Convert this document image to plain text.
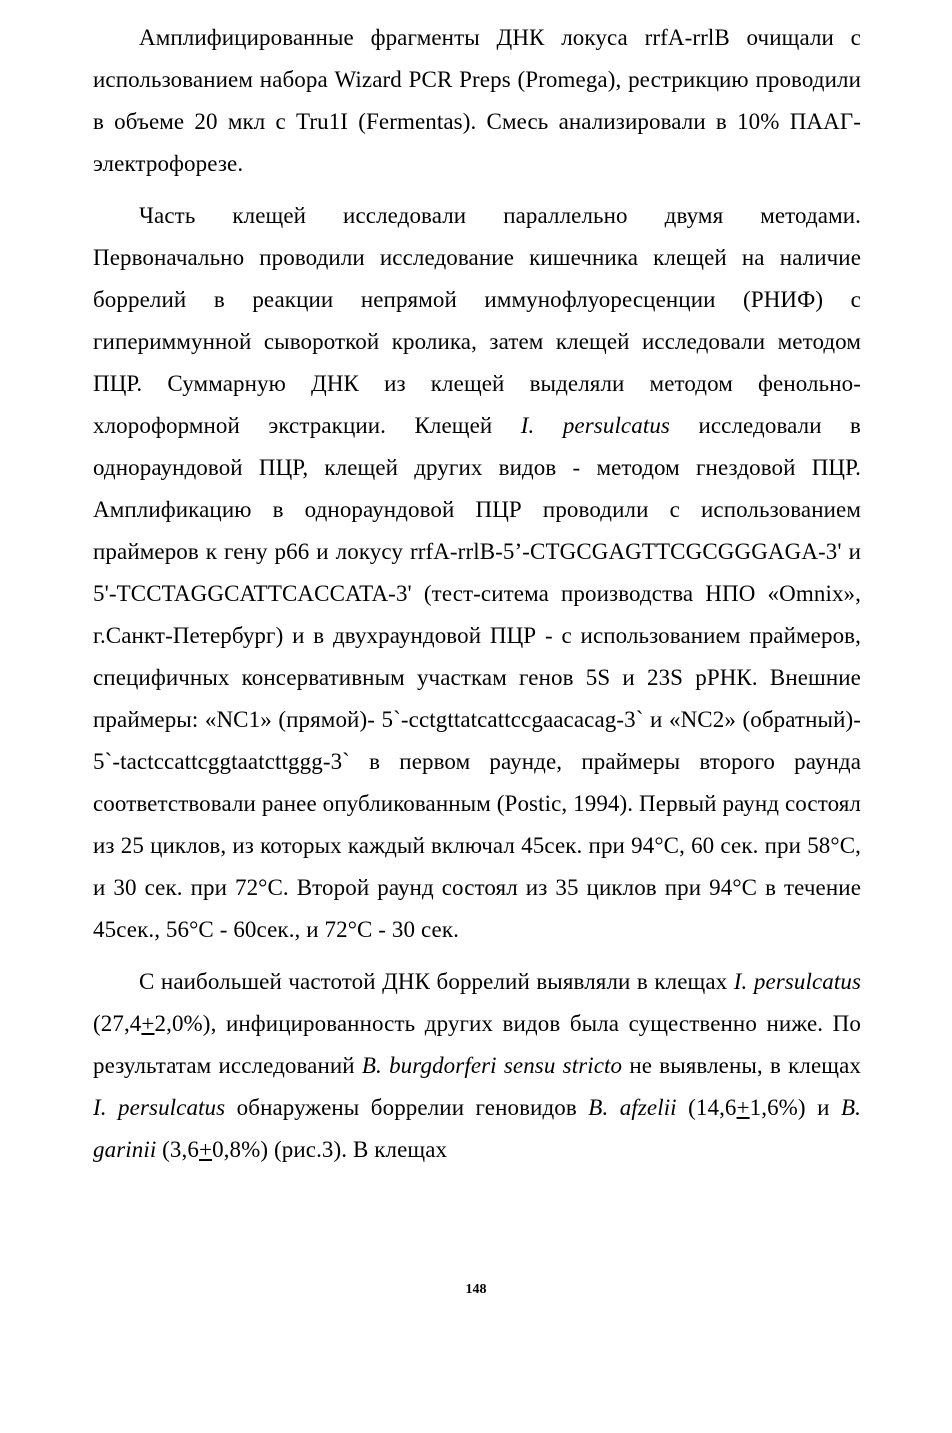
Амплифицированные фрагменты ДНК локуса rrfA-rrlB очищали с использованием набора Wizard PCR Preps (Promega), рестрикцию проводили в объеме 20 мкл с Tru1I (Fermentas). Смесь анализировали в 10% ПААГ-электрофорезе.

Часть клещей исследовали параллельно двумя методами. Первоначально проводили исследование кишечника клещей на наличие боррелий в реакции непрямой иммунофлуоресценции (РНИФ) с гипериммунной сывороткой кролика, затем клещей исследовали методом ПЦР. Суммарную ДНК из клещей выделяли методом фенольно-хлороформной экстракции. Клещей I. persulcatus исследовали в однораундовой ПЦР, клещей других видов - методом гнездовой ПЦР. Амплификацию в однораундовой ПЦР проводили с использованием праймеров к гену p66 и локусу rrfA-rrlB-5’-CTGCGAGTTCGCGGGAGA-3' и 5'-TCCTAGGCATTCACCATA-3' (тест-ситема производства НПО «Omnix», г.Санкт-Петербург) и в двухраундовой ПЦР - с использованием праймеров, специфичных консервативным участкам генов 5S и 23S рРНК. Внешние праймеры: «NC1» (прямой)- 5`-cctgttatcattccgaacacag-3` и «NC2» (обратный)- 5`-tactccattcggtaatcttggg-3` в первом раунде, праймеры второго раунда соответствовали ранее опубликованным (Postic, 1994). Первый раунд состоял из 25 циклов, из которых каждый включал 45сек. при 94°C, 60 сек. при 58°C, и 30 сек. при 72°C. Второй раунд состоял из 35 циклов при 94°C в течение 45сек., 56°C - 60сек., и 72°C - 30 сек.

С наибольшей частотой ДНК боррелий выявляли в клещах I. persulcatus (27,4+2,0%), инфицированность других видов была существенно ниже. По результатам исследований B. burgdorferi sensu stricto не выявлены, в клещах I. persulcatus обнаружены боррелии геновидов B. afzelii (14,6+1,6%) и B. garinii (3,6+0,8%) (рис.3). В клещах

148
